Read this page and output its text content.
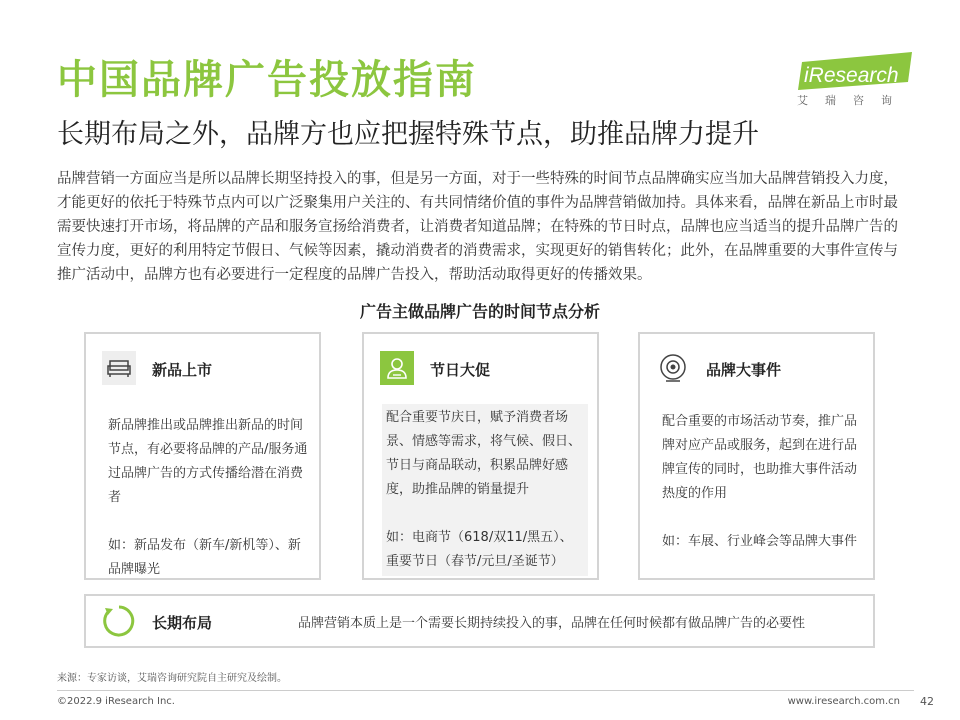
中国品牌广告投放指南
长期布局之外，品牌方也应把握特殊节点，助推品牌力提升
iResearch
艾瑞咨询
品牌营销一方面应当是所以品牌长期坚持投入的事，但是另一方面，对于一些特殊的时间节点品牌确实应当加大品牌营销投入力度，才能更好的依托于特殊节点内可以广泛聚集用户关注的、有共同情绪价值的事件为品牌营销做加持。具体来看，品牌在新品上市时最需要快速打开市场，将品牌的产品和服务宣扬给消费者，让消费者知道品牌；在特殊的节日时点，品牌也应当适当的提升品牌广告的宣传力度，更好的利用特定节假日、气候等因素，撬动消费者的消费需求，实现更好的销售转化；此外，在品牌重要的大事件宣传与推广活动中，品牌方也有必要进行一定程度的品牌广告投入，帮助活动取得更好的传播效果。
广告主做品牌广告的时间节点分析
新品上市

新品牌推出或品牌推出新品的时间节点，有必要将品牌的产品/服务通过品牌广告的方式传播给潜在消费者

如：新品发布（新车/新机等）、新品牌曝光

节日大促

配合重要节庆日，赋予消费者场景、情感等需求，将气候、假日、节日与商品联动，积累品牌好感度，助推品牌的销量提升

如：电商节（618/双11/黑五）、重要节日（春节/元旦/圣诞节）

品牌大事件

配合重要的市场活动节奏，推广品牌对应产品或服务，起到在进行品牌宣传的同时，也助推大事件活动热度的作用

如：车展、行业峰会等品牌大事件

长期布局	品牌营销本质上是一个需要长期持续投入的事，品牌在任何时候都有做品牌广告的必要性
来源：专家访谈，艾瑞咨询研究院自主研究及绘制。
©2022.9 iResearch Inc.	www.iresearch.com.cn 42
